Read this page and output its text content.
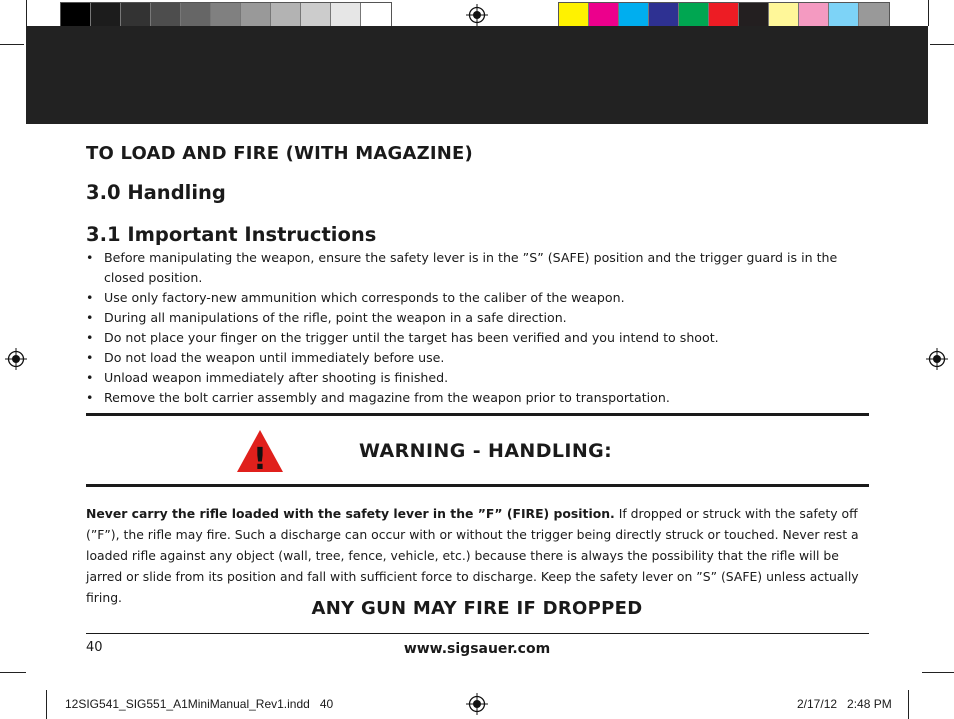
TO LOAD AND FIRE (WITH MAGAZINE)
3.0 Handling
3.1 Important Instructions
• Before manipulating the weapon, ensure the safety lever is in the ”S” (SAFE) position and the trigger guard is in the closed position.
• Use only factory-new ammunition which corresponds to the caliber of the weapon.
• During all manipulations of the rifle, point the weapon in a safe direction.
• Do not place your finger on the trigger until the target has been verified and you intend to shoot.
• Do not load the weapon until immediately before use.
• Unload weapon immediately after shooting is finished.
• Remove the bolt carrier assembly and magazine from the weapon prior to transportation.
!	WARNING - HANDLING:
Never carry the rifle loaded with the safety lever in the ”F” (FIRE) position. If dropped or struck with the safety off (”F”), the rifle may fire. Such a discharge can occur with or without the trigger being directly struck or touched. Never rest a loaded rifle against any object (wall, tree, fence, vehicle, etc.) because there is always the possibility that the rifle will be jarred or slide from its position and fall with sufficient force to discharge. Keep the safety lever on ”S” (SAFE) unless actually firing.
ANY GUN MAY FIRE IF DROPPED
40	www.sigsauer.com
12SIG541_SIG551_A1MiniManual_Rev1.indd   40	2/17/12   2:48 PM
